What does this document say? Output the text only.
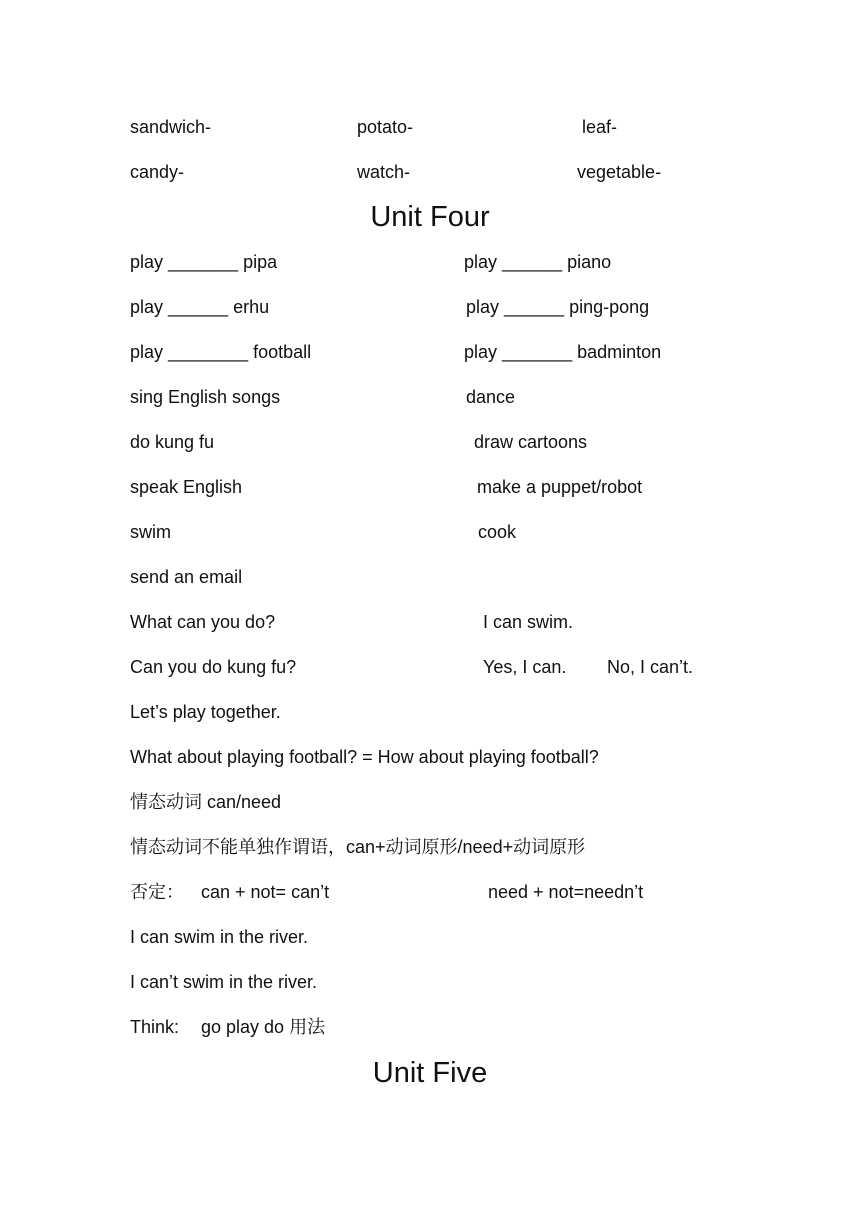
sandwich-	potato-	leaf-
candy-	watch-	vegetable-
Unit Four
play _______ pipa	play ______ piano
play ______ erhu	play ______ ping-pong
play ________ football	play _______ badminton
sing English songs	dance
do kung fu	draw cartoons
speak English	make a puppet/robot
swim	cook
send an email
What can you do?	I can swim.
Can you do kung fu?	Yes, I can. No, I can’t.
Let’s play together.
What about playing football? = How about playing football?
情态动词 can/need
情态动词不能单独作谓语，can+动词原形/need+动词原形
否定： can + not= can’t	need + not=needn’t
I can swim in the river.
I can’t swim in the river.
Think: go play do 用法
Unit Five
